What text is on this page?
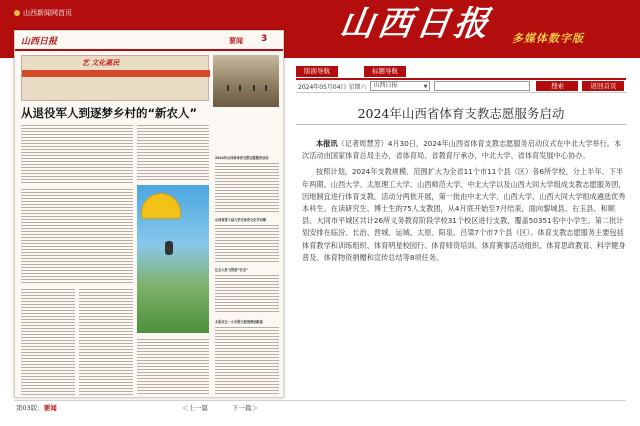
山西新闻网首页	山西日报 多媒体数字版
山西日报	要闻 3
艺 文化惠民
从退役军人到逐梦乡村的“新农人”
2024年山西省体育支教志愿服务启动
山西省第十届大学生体育文化节启幕
让无人机飞得更“安全”
太原市五一小长假文旅消费创新高
版面导航	标题导航
2024年05月04日 星期六	山西日报	▼	搜索	返回首页
2024年山西省体育支教志愿服务启动

本报讯（记者周慧芳）4月30日，2024年山西省体育支教志愿服务启动仪式在中北大学举行。本次活动由国家体育总局主办，省体育局、省教育厅承办，中北大学、省体育发展中心协办。

按照计划，2024年支教规模、范围扩大为全省11个市11个县（区）各6所学校，分上半年、下半年两期。山西大学、太原理工大学、山西师范大学、中北大学以及山西大同大学组成支教志愿服务团，因地制宜进行体育支教。活动分两批开展，第一批由中北大学、山西大学、山西大同大学组成遴选优秀本科生、在读研究生、博士生的75人支教团，从4月底开始至7月结束，面向黎城县、右玉县、和顺县、大同市平城区共计26所义务教育阶段学校31个校区进行支教，覆盖50351名中小学生。第二批计划安排在临汾、长治、晋城、运城、太原、阳泉、吕梁7个市7个县（区）。体育支教志愿服务主要包括体育教学和训练组织、体育明星校园行、体育师资培训、体育赛事活动组织、体育思政教育、科学健身普及、体育物资捐赠和宣传总结等8项任务。

第03版：要闻	＜上一篇	下一篇＞
